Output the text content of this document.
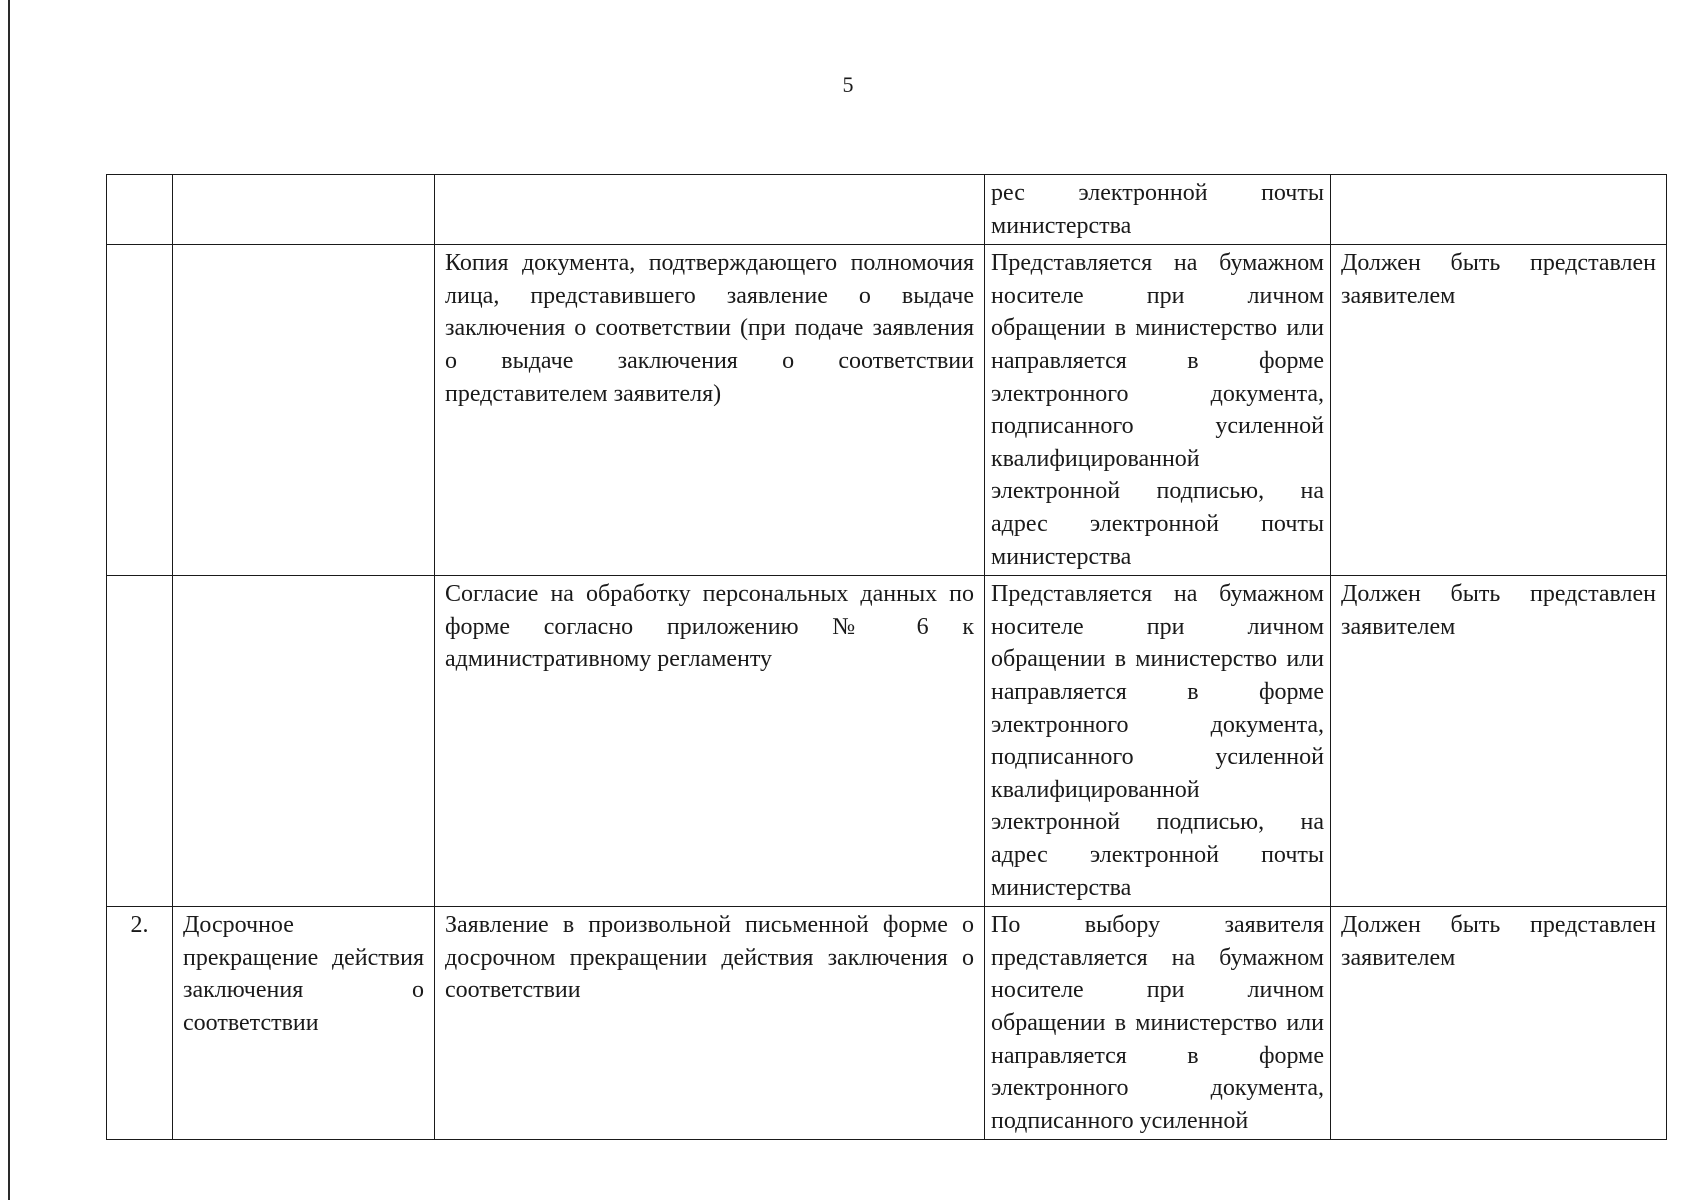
5
			рес электронной почты министерства	
		Копия документа, подтверждающего полномочия лица, представившего заявление о выдаче заключения о соответствии (при подаче заявления о выдаче заключения о соответствии представителем заявителя)	Представляется на бумажном носителе при личном обращении в министерство или направляется в форме электронного документа, подписанного усиленной квалифицированной электронной подписью, на адрес электронной почты министерства	Должен быть представлен заявителем
		Согласие на обработку персональных данных по форме согласно приложению № 6 к административному регламенту	Представляется на бумажном носителе при личном обращении в министерство или направляется в форме электронного документа, подписанного усиленной квалифицированной электронной подписью, на адрес электронной почты министерства	Должен быть представлен заявителем
2.	Досрочное прекращение действия заключения о соответствии	Заявление в произвольной письменной форме о досрочном прекращении действия заключения о соответствии	По выбору заявителя представляется на бумажном носителе при личном обращении в министерство или направляется в форме электронного документа, подписанного усиленной	Должен быть представлен заявителем
